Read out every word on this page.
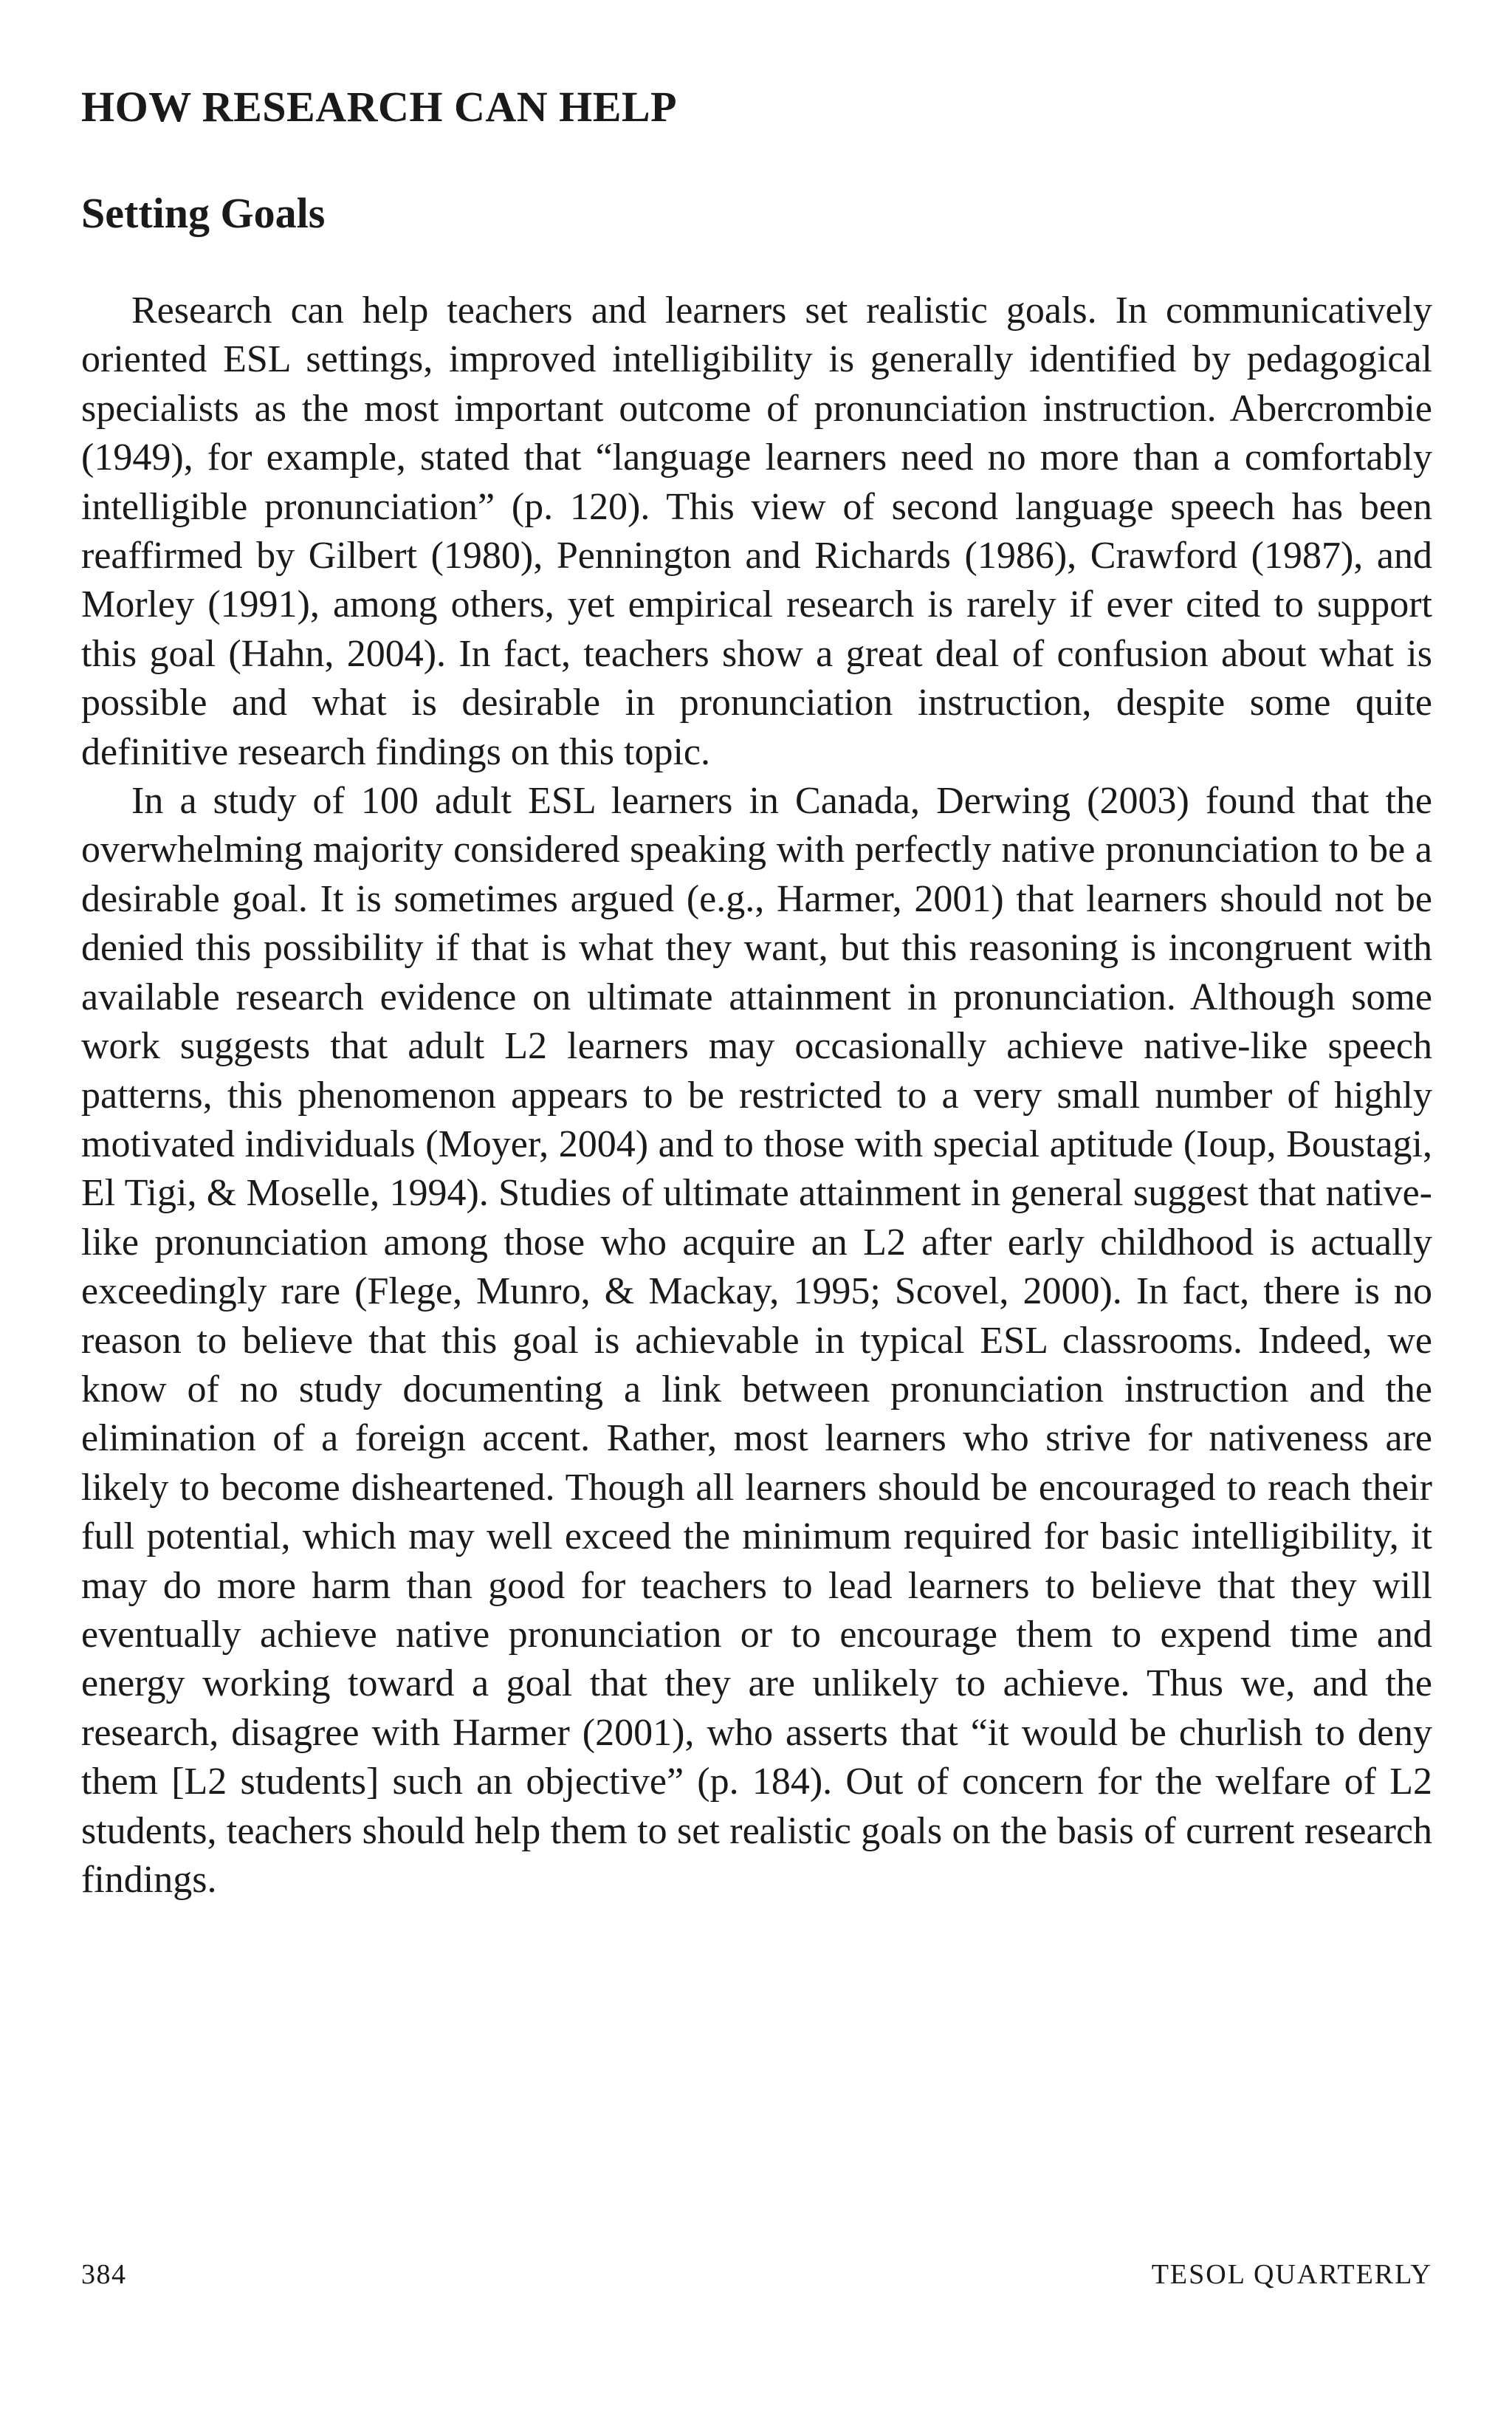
HOW RESEARCH CAN HELP
Setting Goals

Research can help teachers and learners set realistic goals. In communicatively oriented ESL settings, improved intelligibility is generally identified by pedagogical specialists as the most important outcome of pronunciation instruction. Abercrombie (1949), for example, stated that “language learners need no more than a comfortably intelligible pronunciation” (p. 120). This view of second language speech has been reaffirmed by Gilbert (1980), Pennington and Richards (1986), Crawford (1987), and Morley (1991), among others, yet empirical research is rarely if ever cited to support this goal (Hahn, 2004). In fact, teachers show a great deal of confusion about what is possible and what is desirable in pronunciation instruction, despite some quite definitive research findings on this topic.

In a study of 100 adult ESL learners in Canada, Derwing (2003) found that the overwhelming majority considered speaking with perfectly native pronunciation to be a desirable goal. It is sometimes argued (e.g., Harmer, 2001) that learners should not be denied this possibility if that is what they want, but this reasoning is incongruent with available research evidence on ultimate attainment in pronunciation. Although some work suggests that adult L2 learners may occasionally achieve native-like speech patterns, this phenomenon appears to be restricted to a very small number of highly motivated individuals (Moyer, 2004) and to those with special aptitude (Ioup, Boustagi, El Tigi, & Moselle, 1994). Studies of ultimate attainment in general suggest that native-like pronunciation among those who acquire an L2 after early childhood is actually exceedingly rare (Flege, Munro, & Mackay, 1995; Scovel, 2000). In fact, there is no reason to believe that this goal is achievable in typical ESL classrooms. Indeed, we know of no study documenting a link between pronunciation instruction and the elimination of a foreign accent. Rather, most learners who strive for nativeness are likely to become disheartened. Though all learners should be encouraged to reach their full potential, which may well exceed the minimum required for basic intelligibility, it may do more harm than good for teachers to lead learners to believe that they will eventually achieve native pronunciation or to encourage them to expend time and energy working toward a goal that they are unlikely to achieve. Thus we, and the research, disagree with Harmer (2001), who asserts that “it would be churlish to deny them [L2 students] such an objective” (p. 184). Out of concern for the welfare of L2 students, teachers should help them to set realistic goals on the basis of current research findings.

384	TESOL QUARTERLY
